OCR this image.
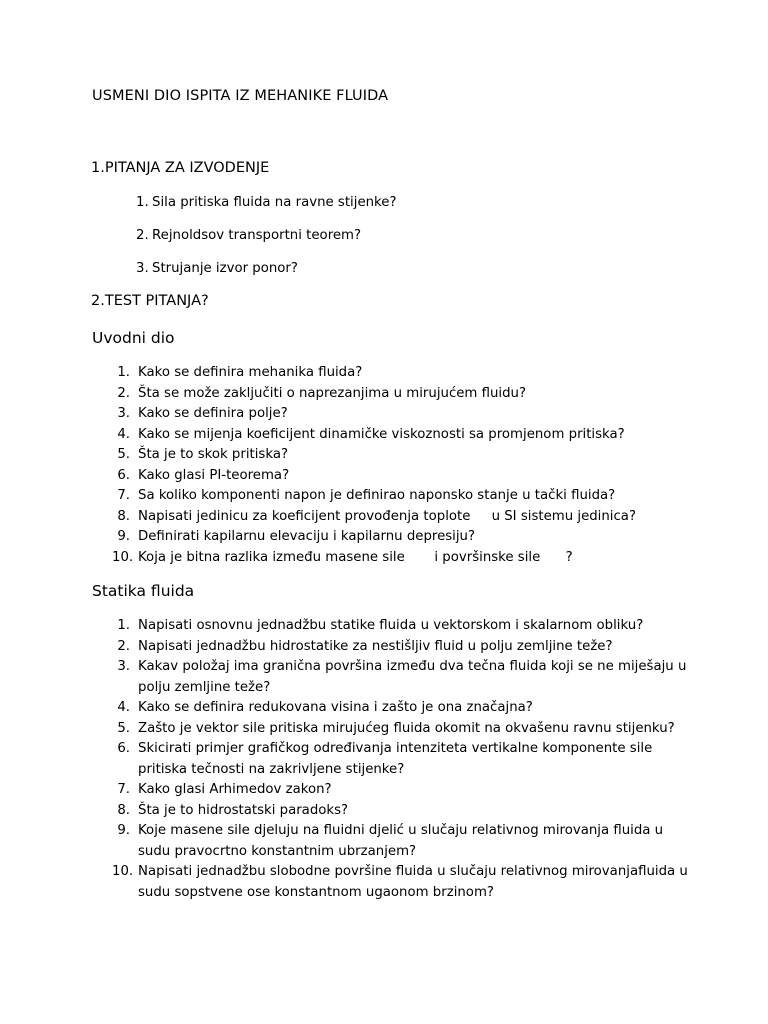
USMENI DIO ISPITA IZ MEHANIKE FLUIDA
1.PITANJA ZA IZVODENJE
1. Sila pritiska fluida na ravne stijenke?
2. Rejnoldsov transportni teorem?
3. Strujanje izvor ponor?
2.TEST PITANJA?
Uvodni dio
1. Kako se definira mehanika fluida?
2. Šta se može zaključiti o naprezanjima u mirujućem fluidu?
3. Kako se definira polje?
4. Kako se mijenja koeficijent dinamičke viskoznosti sa promjenom pritiska?
5. Šta je to skok pritiska?
6. Kako glasi PI-teorema?
7. Sa koliko komponenti napon je definirao naponsko stanje u tački fluida?
8. Napisati jedinicu za koeficijent provođenja toplote     u SI sistemu jedinica?
9. Definirati kapilarnu elevaciju i kapilarnu depresiju?
10. Koja je bitna razlika između masene sile       i površinske sile      ?
Statika fluida
1. Napisati osnovnu jednadžbu statike fluida u vektorskom i skalarnom obliku?
2. Napisati jednadžbu hidrostatike za nestišljiv fluid u polju zemljine teže?
3. Kakav položaj ima granična površina između dva tečna fluida koji se ne miješaju u polju zemljine teže?
4. Kako se definira redukovana visina i zašto je ona značajna?
5. Zašto je vektor sile pritiska mirujućeg fluida okomit na okvašenu ravnu stijenku?
6. Skicirati primjer grafičkog određivanja intenziteta vertikalne komponente sile pritiska tečnosti na zakrivljene stijenke?
7. Kako glasi Arhimedov zakon?
8. Šta je to hidrostatski paradoks?
9. Koje masene sile djeluju na fluidni djelić u slučaju relativnog mirovanja fluida u sudu pravocrtno konstantnim ubrzanjem?
10. Napisati jednadžbu slobodne površine fluida u slučaju relativnog mirovanjafluida u sudu sopstvene ose konstantnom ugaonom brzinom?
